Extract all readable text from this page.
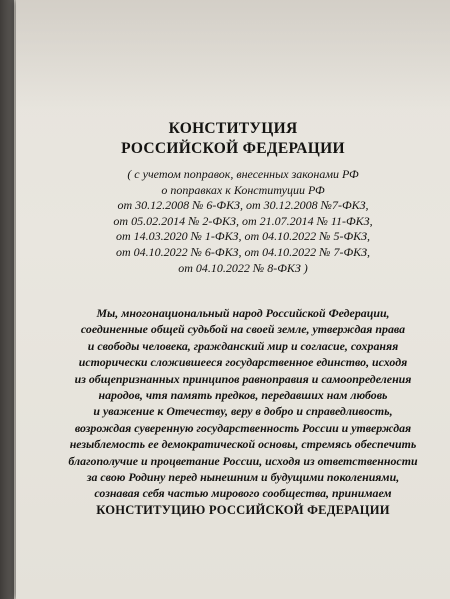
КОНСТИТУЦИЯ
РОССИЙСКОЙ ФЕДЕРАЦИИ
( с учетом поправок, внесенных законами РФ
о поправках к Конституции РФ
от 30.12.2008 № 6-ФКЗ, от 30.12.2008 №7-ФКЗ,
от 05.02.2014 № 2-ФКЗ, от 21.07.2014 № 11-ФКЗ,
от 14.03.2020 № 1-ФКЗ, от 04.10.2022 № 5-ФКЗ,
от 04.10.2022 № 6-ФКЗ, от 04.10.2022 № 7-ФКЗ,
от 04.10.2022 № 8-ФКЗ )
Мы, многонациональный народ Российской Федерации,
соединенные общей судьбой на своей земле, утверждая права
и свободы человека, гражданский мир и согласие, сохраняя
исторически сложившееся государственное единство, исходя
из общепризнанных принципов равноправия и самоопределения
народов, чтя память предков, передавших нам любовь
и уважение к Отечеству, веру в добро и справедливость,
возрождая суверенную государственность России и утверждая
незыблемость ее демократической основы, стремясь обеспечить
благополучие и процветание России, исходя из ответственности
за свою Родину перед нынешним и будущими поколениями,
сознавая себя частью мирового сообщества, принимаем
КОНСТИТУЦИЮ РОССИЙСКОЙ ФЕДЕРАЦИИ
